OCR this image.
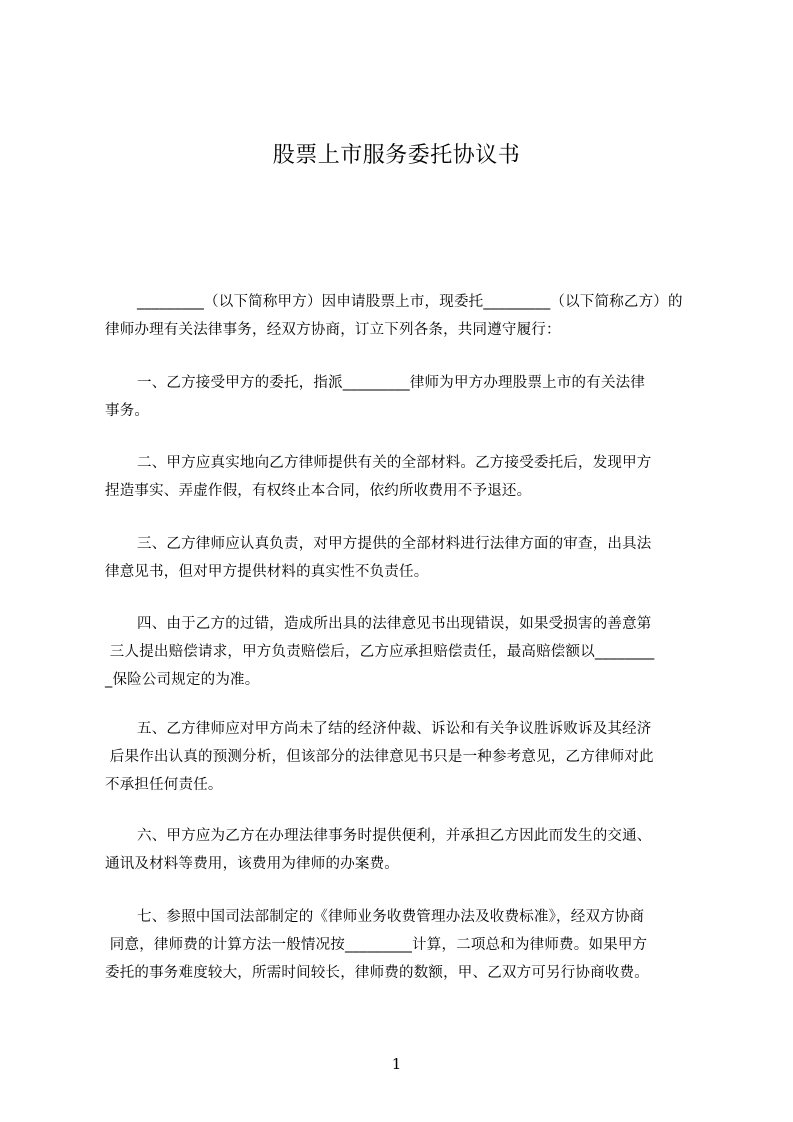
股票上市服务委托协议书
_________（以下简称甲方）因申请股票上市，现委托_________（以下简称乙方）的
律师办理有关法律事务，经双方协商，订立下列各条，共同遵守履行：
一、乙方接受甲方的委托，指派_________律师为甲方办理股票上市的有关法律
事务。
二、甲方应真实地向乙方律师提供有关的全部材料。乙方接受委托后，发现甲方
捏造事实、弄虚作假，有权终止本合同，依约所收费用不予退还。
三、乙方律师应认真负责，对甲方提供的全部材料进行法律方面的审查，出具法
律意见书，但对甲方提供材料的真实性不负责任。
四、由于乙方的过错，造成所出具的法律意见书出现错误，如果受损害的善意第
三人提出赔偿请求，甲方负责赔偿后，乙方应承担赔偿责任，最高赔偿额以________
_保险公司规定的为准。
五、乙方律师应对甲方尚未了结的经济仲裁、诉讼和有关争议胜诉败诉及其经济
后果作出认真的预测分析，但该部分的法律意见书只是一种参考意见，乙方律师对此
不承担任何责任。
六、甲方应为乙方在办理法律事务时提供便利，并承担乙方因此而发生的交通、
通讯及材料等费用，该费用为律师的办案费。
七、参照中国司法部制定的《律师业务收费管理办法及收费标准》，经双方协商
同意，律师费的计算方法一般情况按_________计算，二项总和为律师费。如果甲方
委托的事务难度较大，所需时间较长，律师费的数额，甲、乙双方可另行协商收费。
1
